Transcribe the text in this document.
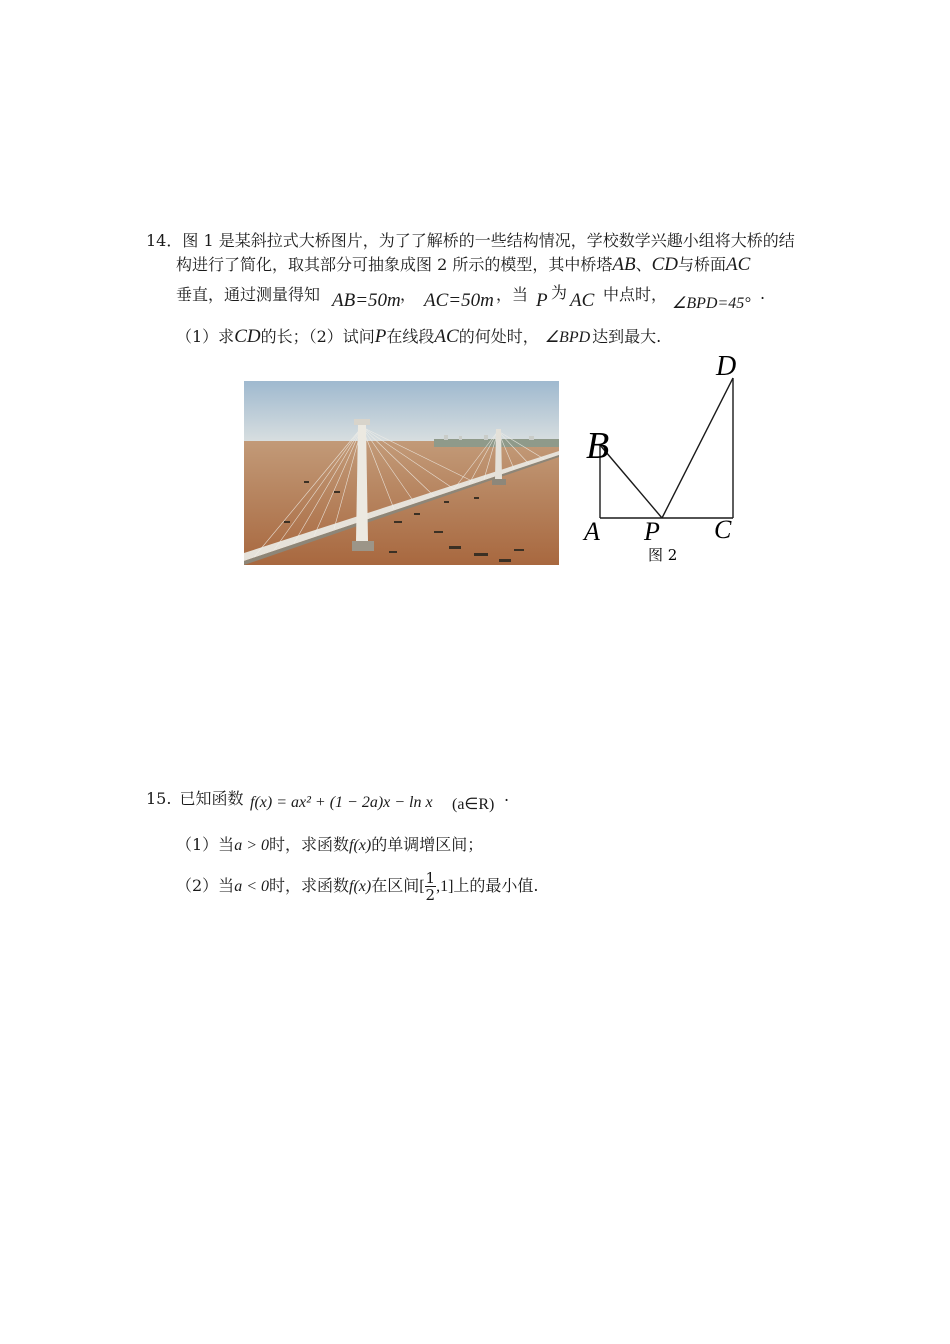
14．图 1 是某斜拉式大桥图片，为了了解桥的一些结构情况，学校数学兴趣小组将大桥的结
构进行了简化，取其部分可抽象成图 2 所示的模型，其中桥塔AB、CD与桥面AC
垂直，通过测量得知 AB=50m ， AC=50m ，当 P 为 AC 中点时， ∠BPD=45°
.
（1）求CD的长；（2）试问P在线段AC的何处时， ∠BPD 达到最大.
A
B
C
D
P
图 2
15. 已知函数 f(x) = ax² + (1 − 2a)x − ln x (a∈R) .
（1）当a > 0时，求函数f(x)的单调增区间；
（2）当a < 0时，求函数f(x)在区间[ $\frac{1}{2} ,1$]上的最小值.
